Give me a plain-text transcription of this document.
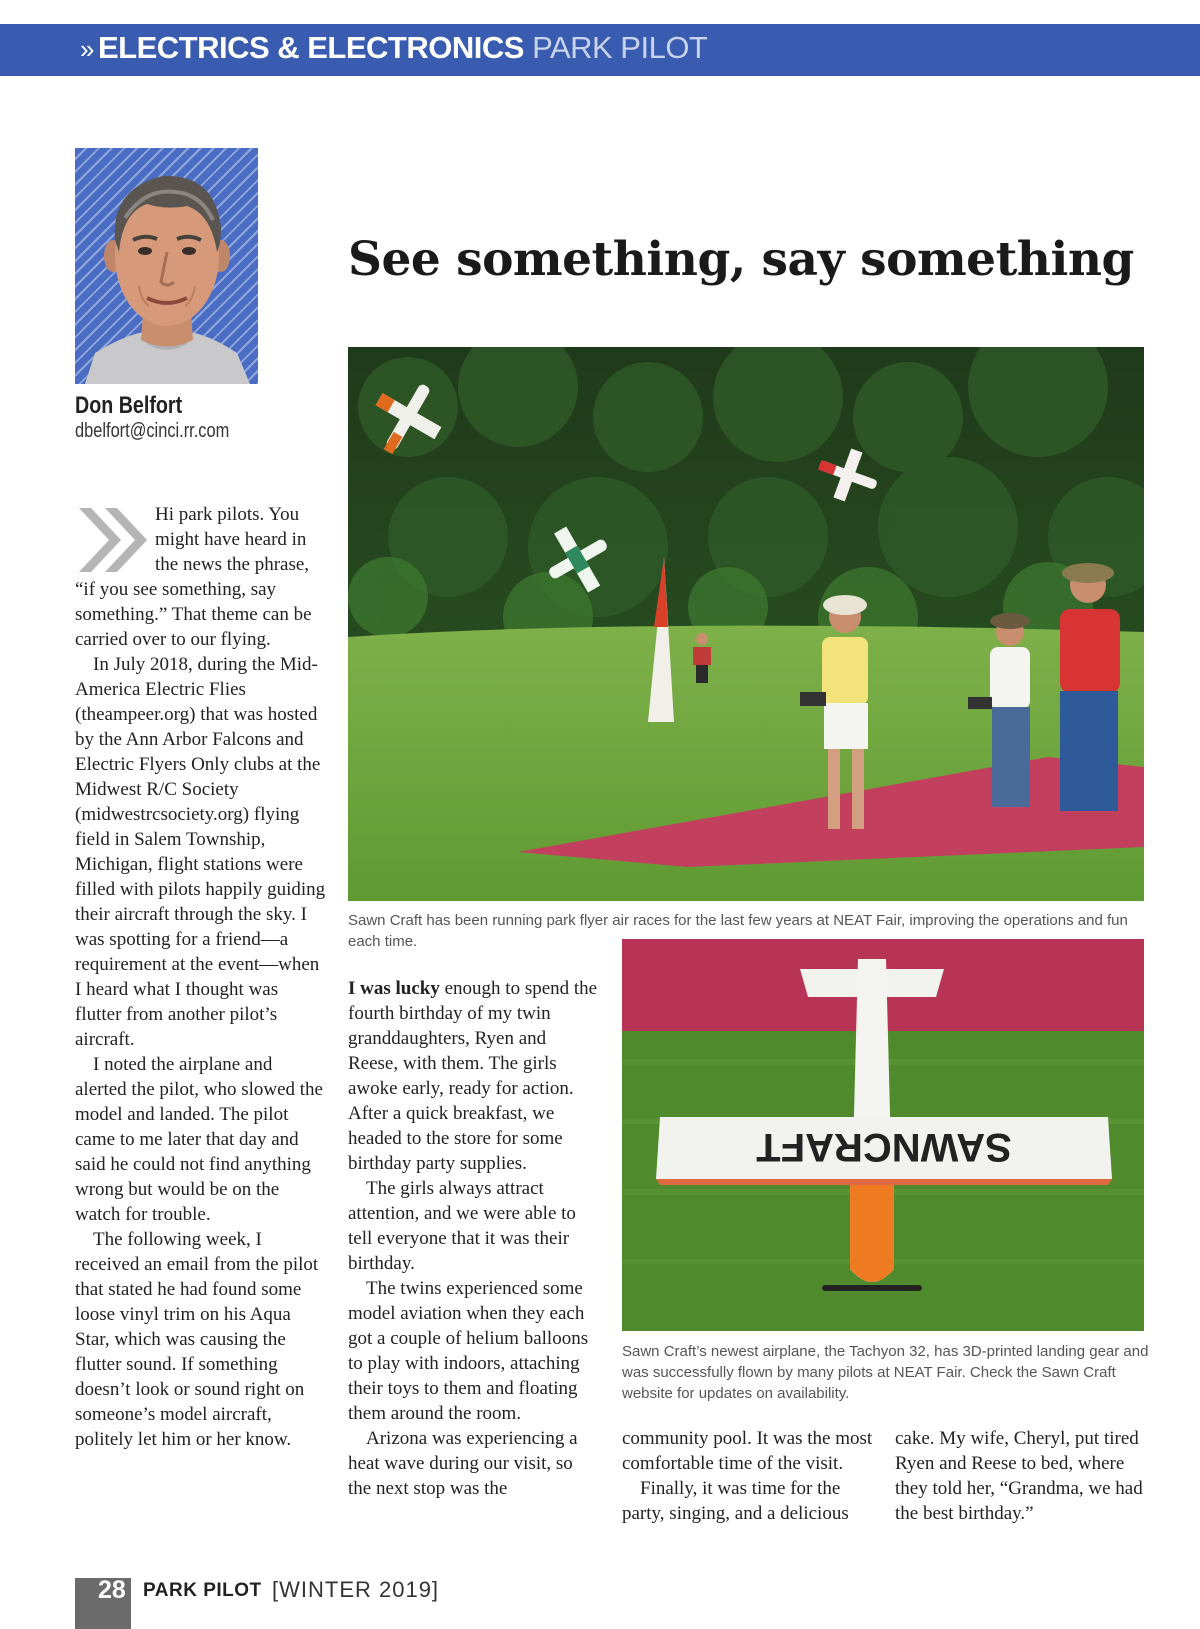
» ELECTRICS & ELECTRONICS PARK PILOT
Don Belfort
dbelfort@cinci.rr.com
See something, say something

Sawn Craft has been running park flyer air races for the last few years at NEAT Fair, improving the operations and fun each time.

SAWNCRAFT

Sawn Craft’s newest airplane, the Tachyon 32, has 3D-printed landing gear and was successfully flown by many pilots at NEAT Fair. Check the Sawn Craft website for updates on availability.

Hi park pilots. You might have heard in the news the phrase, “if you see something, say something.” That theme can be carried over to our flying.

In July 2018, during the Mid-America Electric Flies (theampeer.org) that was hosted by the Ann Arbor Falcons and Electric Flyers Only clubs at the Midwest R/C Society (midwestrcsociety.org) flying field in Salem Township, Michigan, flight stations were filled with pilots happily guiding their aircraft through the sky. I was spotting for a friend—a requirement at the event—when I heard what I thought was flutter from another pilot’s aircraft.

I noted the airplane and alerted the pilot, who slowed the model and landed. The pilot came to me later that day and said he could not find anything wrong but would be on the watch for trouble.

The following week, I received an email from the pilot that stated he had found some loose vinyl trim on his Aqua Star, which was causing the flutter sound. If something doesn’t look or sound right on someone’s model aircraft, politely let him or her know.

I was lucky enough to spend the fourth birthday of my twin granddaughters, Ryen and Reese, with them. The girls awoke early, ready for action. After a quick breakfast, we headed to the store for some birthday party supplies.

The girls always attract attention, and we were able to tell everyone that it was their birthday.

The twins experienced some model aviation when they each got a couple of helium balloons to play with indoors, attaching their toys to them and floating them around the room.

Arizona was experiencing a heat wave during our visit, so the next stop was the

community pool. It was the most comfortable time of the visit.

Finally, it was time for the party, singing, and a delicious

cake. My wife, Cheryl, put tired Ryen and Reese to bed, where they told her, “Grandma, we had the best birthday.”

28 PARK PILOT [WINTER 2019]
